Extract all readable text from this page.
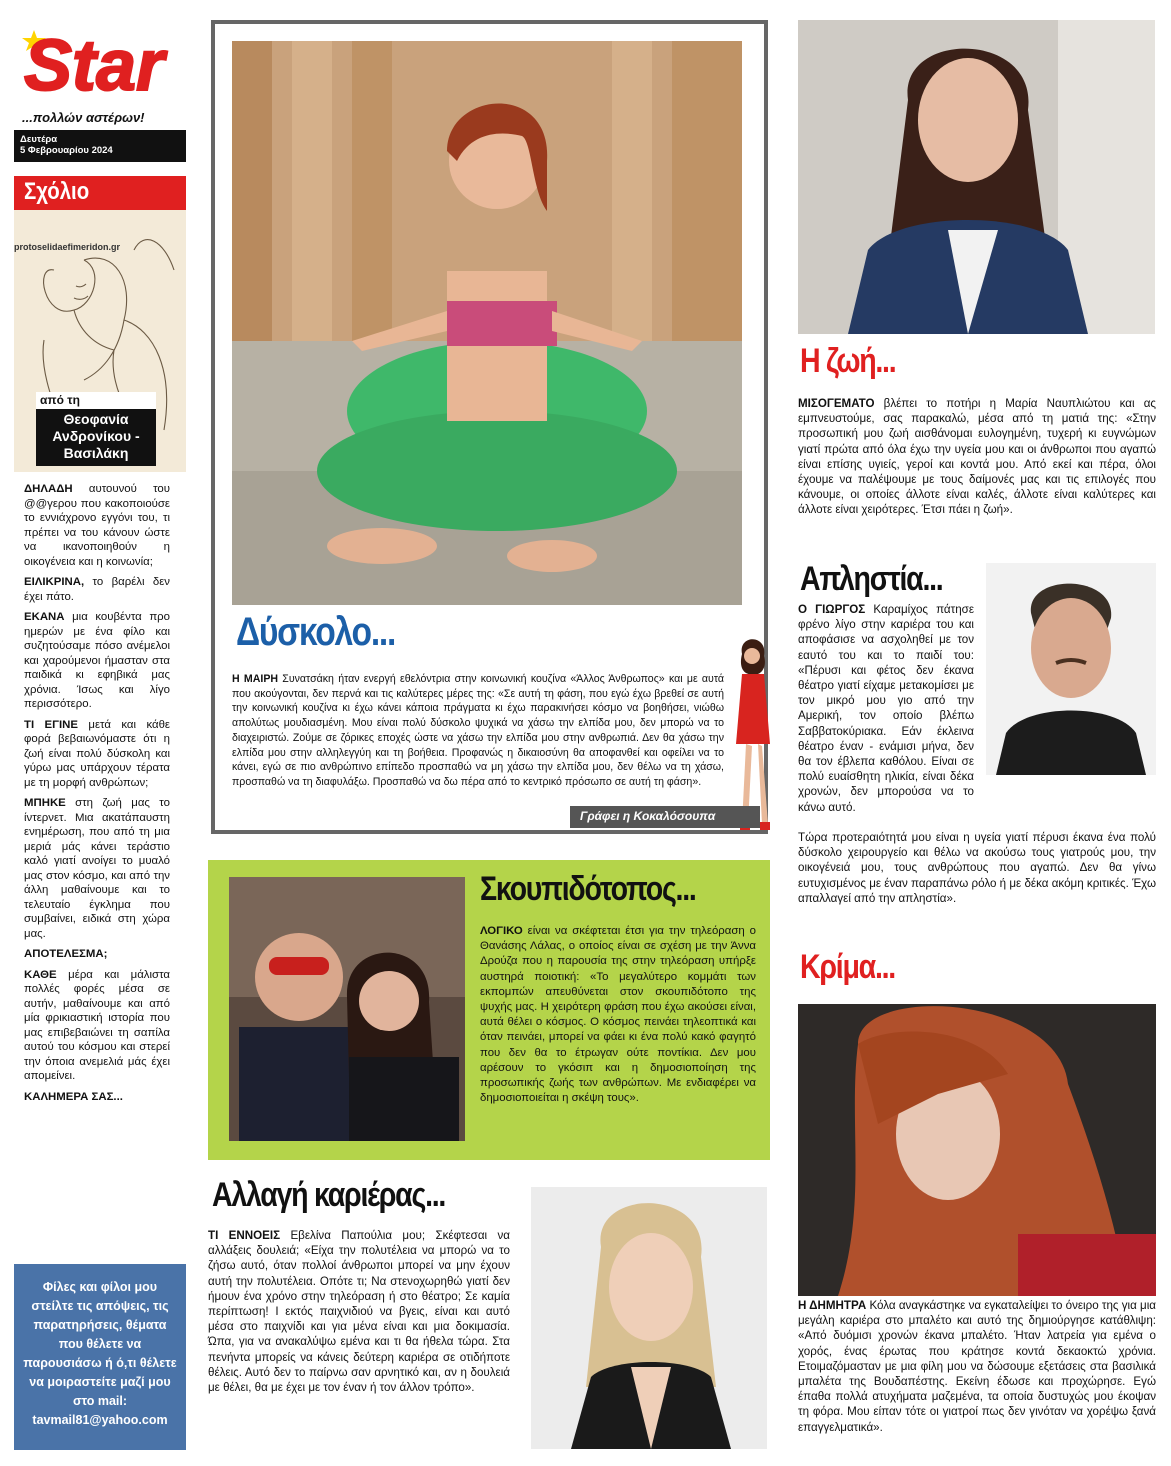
Star
...πολλών αστέρων!
Δευτέρα
5 Φεβρουαρίου 2024
Σχόλιο
protoselidaefimeridon.gr
από τη
Θεοφανία Ανδρονίκου - Βασιλάκη

ΔΗΛΑΔΗ αυτουνού του @@γερου που κακοποιούσε το εννιάχρονο εγγόνι του, τι πρέπει να του κάνουν ώστε να ικανοποιηθούν η οικογένεια και η κοινωνία;

ΕΙΛΙΚΡΙΝΑ, το βαρέλι δεν έχει πάτο.

ΕΚΑΝΑ μια κουβέντα προ ημερών με ένα φίλο και συζητούσαμε πόσο ανέμελοι και χαρούμενοι ήμασταν στα παιδικά κι εφηβικά μας χρόνια. Ίσως και λίγο περισσότερο.

ΤΙ ΕΓΙΝΕ μετά και κάθε φορά βεβαιωνόμαστε ότι η ζωή είναι πολύ δύσκολη και γύρω μας υπάρχουν τέρατα με τη μορφή ανθρώπων;

ΜΠΗΚΕ στη ζωή μας το ίντερνετ. Μια ακατάπαυστη ενημέρωση, που από τη μια μεριά μάς κάνει τεράστιο καλό γιατί ανοίγει το μυαλό μας στον κόσμο, και από την άλλη μαθαίνουμε και το τελευταίο έγκλημα που συμβαίνει, ειδικά στη χώρα μας.

ΑΠΟΤΕΛΕΣΜΑ;

ΚΑΘΕ μέρα και μάλιστα πολλές φορές μέσα σε αυτήν, μαθαίνουμε και από μία φρικιαστική ιστορία που μας επιβεβαιώνει τη σαπίλα αυτού του κόσμου και στερεί την όποια ανεμελιά μάς έχει απομείνει.

ΚΑΛΗΜΕΡΑ ΣΑΣ...

Φίλες και φίλοι μου στείλτε τις απόψεις, τις παρατηρήσεις, θέματα που θέλετε να παρουσιάσω ή ό,τι θέλετε να μοιραστείτε μαζί μου στο mail:
tavmail81@yahoo.com
Δύσκολο...
Η ΜΑΙΡΗ Συνατσάκη ήταν ενεργή εθελόντρια στην κοινωνική κουζίνα «Άλλος Άνθρωπος» και με αυτά που ακούγονται, δεν περνά και τις καλύτερες μέρες της: «Σε αυτή τη φάση, που εγώ έχω βρεθεί σε αυτή την κοινωνική κουζίνα κι έχω κάνει κάποια πράγματα κι έχω παρακινήσει κόσμο να βοηθήσει, νιώθω απολύτως μουδιασμένη. Μου είναι πολύ δύσκολο ψυχικά να χάσω την ελπίδα μου, δεν μπορώ να το διαχειριστώ. Ζούμε σε ζόρικες εποχές ώστε να χάσω την ελπίδα μου στην ανθρωπιά. Δεν θα χάσω την ελπίδα μου στην αλληλεγγύη και τη βοήθεια. Προφανώς η δικαιοσύνη θα αποφανθεί και οφείλει να το κάνει, εγώ σε πιο ανθρώπινο επίπεδο προσπαθώ να μη χάσω την ελπίδα μου, δεν θέλω να τη χάσω, προσπαθώ να τη διαφυλάξω. Προσπαθώ να δω πέρα από το κεντρικό πρόσωπο σε αυτή τη φάση».
Γράφει η Κοκαλόσουπα
Σκουπιδότοπος...
ΛΟΓΙΚΟ είναι να σκέφτεται έτσι για την τηλεόραση ο Θανάσης Λάλας, ο οποίος είναι σε σχέση με την Άννα Δρούζα που η παρουσία της στην τηλεόραση υπήρξε αυστηρά ποιοτική: «Το μεγαλύτερο κομμάτι των εκπομπών απευθύνεται στον σκουπιδότοπο της ψυχής μας. Η χειρότερη φράση που έχω ακούσει είναι, αυτά θέλει ο κόσμος. Ο κόσμος πεινάει τηλεοπτικά και όταν πεινάει, μπορεί να φάει κι ένα πολύ κακό φαγητό που δεν θα το έτρωγαν ούτε ποντίκια. Δεν μου αρέσουν το γκόσιπ και η δημοσιοποίηση της προσωπικής ζωής των ανθρώπων. Με ενδιαφέρει να δημοσιοποιείται η σκέψη τους».
Αλλαγή καριέρας...
ΤΙ ΕΝΝΟΕΙΣ Εβελίνα Παπούλια μου; Σκέφτεσαι να αλλάξεις δουλειά; «Είχα την πολυτέλεια να μπορώ να το ζήσω αυτό, όταν πολλοί άνθρωποι μπορεί να μην έχουν αυτή την πολυτέλεια. Οπότε τι; Να στενοχωρηθώ γιατί δεν ήμουν ένα χρόνο στην τηλεόραση ή στο θέατρο; Σε καμία περίπτωση! Ι εκτός παιχνιδιού να βγεις, είναι και αυτό μέσα στο παιχνίδι και για μένα είναι και μια δοκιμασία. Ώπα, για να ανακαλύψω εμένα και τι θα ήθελα τώρα. Στα πενήντα μπορείς να κάνεις δεύτερη καριέρα σε οτιδήποτε θέλεις. Αυτό δεν το παίρνω σαν αρνητικό και, αν η δουλειά με θέλει, θα με έχει με τον έναν ή τον άλλον τρόπο».
Η ζωή...
ΜΙΣΟΓΕΜΑΤΟ βλέπει το ποτήρι η Μαρία Ναυπλιώτου και ας εμπνευστούμε, σας παρακαλώ, μέσα από τη ματιά της: «Στην προσωπική μου ζωή αισθάνομαι ευλογημένη, τυχερή κι ευγνώμων γιατί πρώτα από όλα έχω την υγεία μου και οι άνθρωποι που αγαπώ είναι επίσης υγιείς, γεροί και κοντά μου. Από εκεί και πέρα, όλοι έχουμε να παλέψουμε με τους δαίμονές μας και τις επιλογές που κάνουμε, οι οποίες άλλοτε είναι καλές, άλλοτε είναι καλύτερες και άλλοτε είναι χειρότερες. Έτσι πάει η ζωή».
Απληστία...
Ο ΓΙΩΡΓΟΣ Καραμίχος πάτησε φρένο λίγο στην καριέρα του και αποφάσισε να ασχοληθεί με τον εαυτό του και το παιδί του: «Πέρυσι και φέτος δεν έκανα θέατρο γιατί είχαμε μετακομίσει με τον μικρό μου γιο από την Αμερική, τον οποίο βλέπω Σαββατοκύριακα. Εάν έκλεινα θέατρο έναν - ενάμισι μήνα, δεν θα τον έβλεπα καθόλου. Είναι σε πολύ ευαίσθητη ηλικία, είναι δέκα χρονών, δεν μπορούσα να το κάνω αυτό.
Τώρα προτεραιότητά μου είναι η υγεία γιατί πέρυσι έκανα ένα πολύ δύσκολο χειρουργείο και θέλω να ακούσω τους γιατρούς μου, την οικογένειά μου, τους ανθρώπους που αγαπώ. Δεν θα γίνω ευτυχισμένος με έναν παραπάνω ρόλο ή με δέκα ακόμη κριτικές. Έχω απαλλαγεί από την απληστία».
Κρίμα...
Η ΔΗΜΗΤΡΑ Κόλα αναγκάστηκε να εγκαταλείψει το όνειρο της για μια μεγάλη καριέρα στο μπαλέτο και αυτό της δημιούργησε κατάθλιψη: «Από δυόμισι χρονών έκανα μπαλέτο. Ήταν λατρεία για εμένα ο χορός, ένας έρωτας που κράτησε κοντά δεκαοκτώ χρόνια. Ετοιμαζόμασταν με μια φίλη μου να δώσουμε εξετάσεις στα βασιλικά μπαλέτα της Βουδαπέστης. Εκείνη έδωσε και προχώρησε. Εγώ έπαθα πολλά ατυχήματα μαζεμένα, τα οποία δυστυχώς μου έκοψαν τη φόρα. Μου είπαν τότε οι γιατροί πως δεν γινόταν να χορέψω ξανά επαγγελματικά».
